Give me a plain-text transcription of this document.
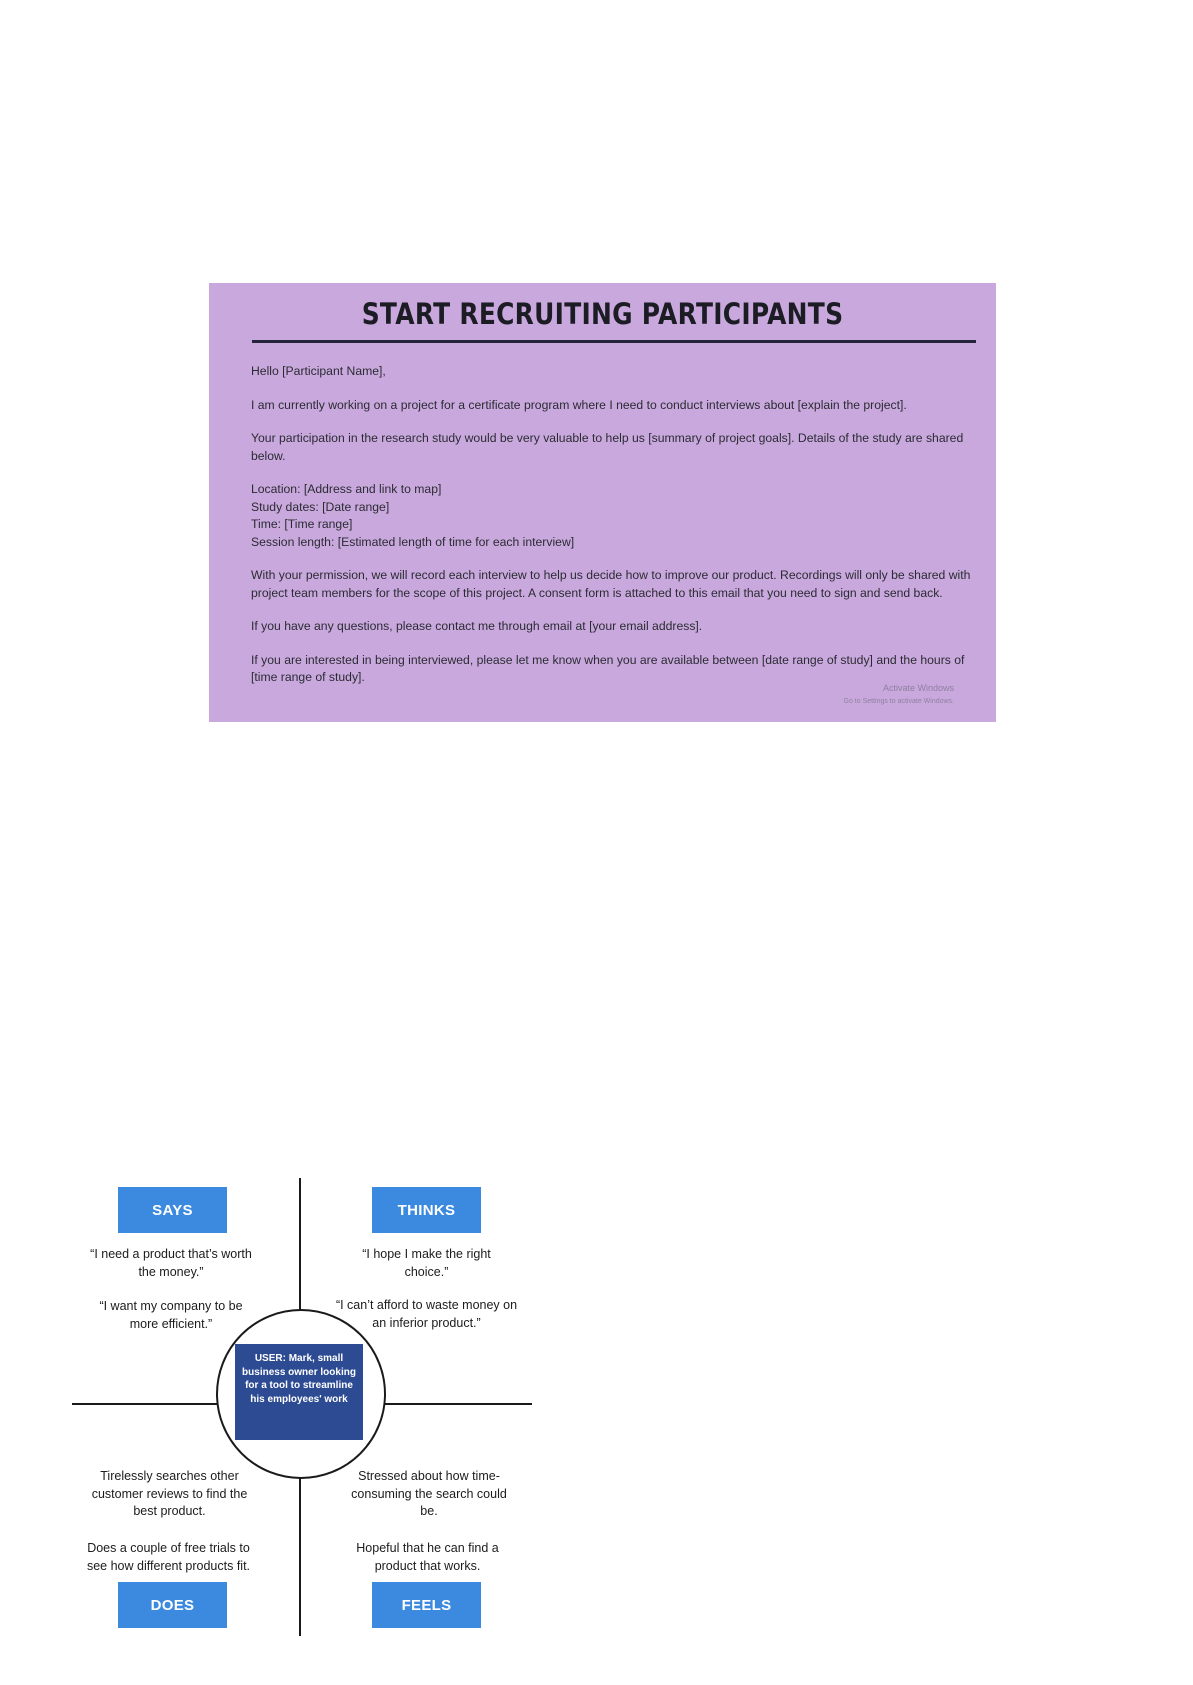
START RECRUITING PARTICIPANTS

Hello [Participant Name],

I am currently working on a project for a certificate program where I need to conduct interviews about [explain the project].

Your participation in the research study would be very valuable to help us [summary of project goals]. Details of the study are shared below.

Location: [Address and link to map]
Study dates: [Date range]
Time: [Time range]
Session length: [Estimated length of time for each interview]

With your permission, we will record each interview to help us decide how to improve our product. Recordings will only be shared with project team members for the scope of this project. A consent form is attached to this email that you need to sign and send back.

If you have any questions, please contact me through email at [your email address].

If you are interested in being interviewed, please let me know when you are available between [date range of study] and the hours of [time range of study].

Activate Windows
Go to Settings to activate Windows.
USER: Mark, small business owner looking for a tool to streamline his employees' work
SAYS	THINKS
DOES	FEELS
“I need a product that’s worth the money.”
“I want my company to be more efficient.”
“I hope I make the right choice.”
“I can’t afford to waste money on an inferior product.”
Tirelessly searches other customer reviews to find the best product.
Does a couple of free trials to see how different products fit.
Stressed about how time-consuming the search could be.
Hopeful that he can find a product that works.
